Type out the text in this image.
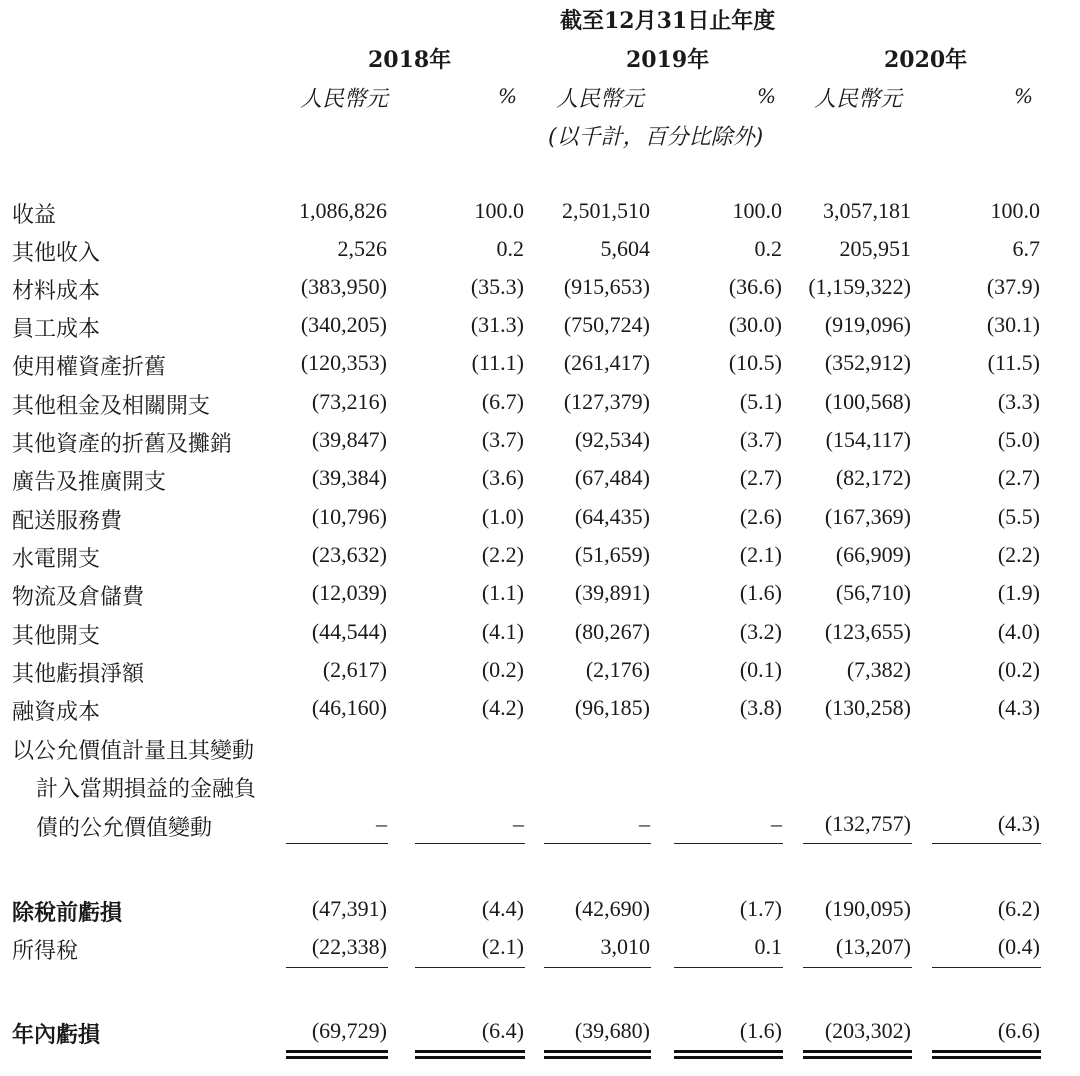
截至12月31日止年度
2018年	2019年	2020年
人民幣元	% 人民幣元	% 人民幣元	%
(以千計，百分比除外)
收益	1,086,826	100.0 2,501,510	100.0 3,057,181	100.0
其他收入	2,526	0.2	5,604	0.2	205,951	6.7
材料成本	(383,950)	(35.3) (915,653)	(36.6) (1,159,322)	(37.9)
員工成本	(340,205)	(31.3) (750,724)	(30.0) (919,096)	(30.1)
使用權資產折舊	(120,353)	(11.1) (261,417)	(10.5) (352,912)	(11.5)
其他租金及相關開支	(73,216)	(6.7) (127,379)	(5.1) (100,568)	(3.3)
其他資產的折舊及攤銷	(39,847)	(3.7) (92,534)	(3.7) (154,117)	(5.0)
廣告及推廣開支	(39,384)	(3.6) (67,484)	(2.7) (82,172)	(2.7)
配送服務費	(10,796)	(1.0) (64,435)	(2.6) (167,369)	(5.5)
水電開支	(23,632)	(2.2) (51,659)	(2.1) (66,909)	(2.2)
物流及倉儲費	(12,039)	(1.1) (39,891)	(1.6) (56,710)	(1.9)
其他開支	(44,544)	(4.1) (80,267)	(3.2) (123,655)	(4.0)
其他虧損淨額	(2,617)	(0.2)	(2,176)	(0.1)	(7,382)	(0.2)
融資成本	(46,160)	(4.2) (96,185)	(3.8) (130,258)	(4.3)
以公允價值計量且其變動
計入當期損益的金融負
債的公允價值變動	–	–	–	– (132,757)	(4.3)
除稅前虧損	(47,391)	(4.4) (42,690)	(1.7) (190,095)	(6.2)
所得稅	(22,338)	(2.1)	3,010	0.1 (13,207)	(0.4)
年內虧損	(69,729)	(6.4) (39,680)	(1.6) (203,302)	(6.6)
